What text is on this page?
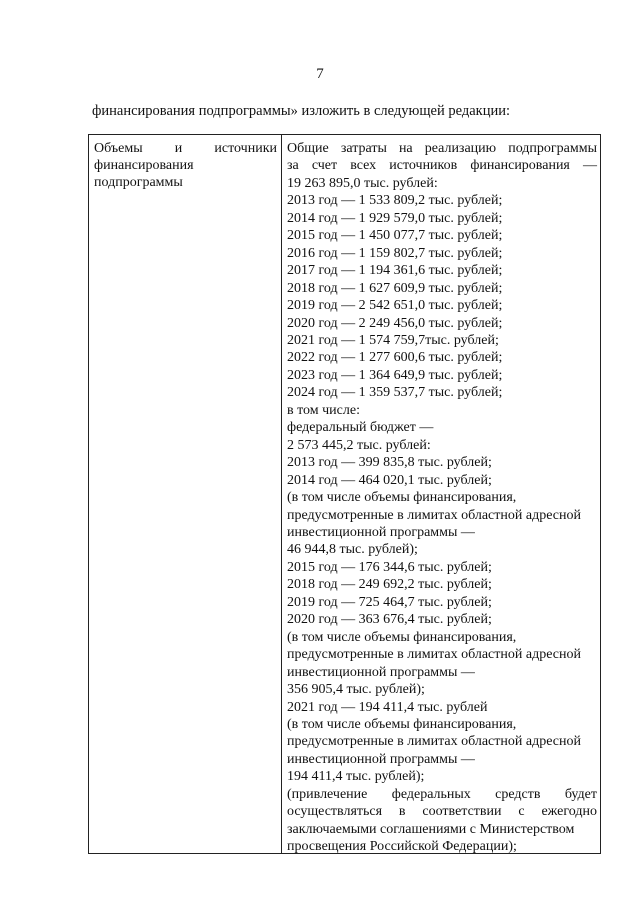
7
финансирования подпрограммы» изложить в следующей редакции:
Объемы и источники
финансирования
подпрограммы
Общие затраты на реализацию подпрограммы
за счет всех источников финансирования —
19 263 895,0 тыс. рублей:
2013 год — 1 533 809,2 тыс. рублей;
2014 год — 1 929 579,0 тыс. рублей;
2015 год — 1 450 077,7 тыс. рублей;
2016 год — 1 159 802,7 тыс. рублей;
2017 год — 1 194 361,6 тыс. рублей;
2018 год — 1 627 609,9 тыс. рублей;
2019 год — 2 542 651,0 тыс. рублей;
2020 год — 2 249 456,0 тыс. рублей;
2021 год — 1 574 759,7тыс. рублей;
2022 год — 1 277 600,6 тыс. рублей;
2023 год — 1 364 649,9 тыс. рублей;
2024 год — 1 359 537,7 тыс. рублей;
в том числе:
федеральный бюджет —
2 573 445,2 тыс. рублей:
2013 год — 399 835,8 тыс. рублей;
2014 год — 464 020,1 тыс. рублей;
(в том числе объемы финансирования,
предусмотренные в лимитах областной адресной
инвестиционной программы —
46 944,8 тыс. рублей);
2015 год — 176 344,6 тыс. рублей;
2018 год — 249 692,2 тыс. рублей;
2019 год — 725 464,7 тыс. рублей;
2020 год — 363 676,4 тыс. рублей;
(в том числе объемы финансирования,
предусмотренные в лимитах областной адресной
инвестиционной программы —
356 905,4 тыс. рублей);
2021 год — 194 411,4 тыс. рублей
(в том числе объемы финансирования,
предусмотренные в лимитах областной адресной
инвестиционной программы —
194 411,4 тыс. рублей);
(привлечение федеральных средств будет
осуществляться в соответствии с ежегодно
заключаемыми соглашениями с Министерством
просвещения Российской Федерации);
